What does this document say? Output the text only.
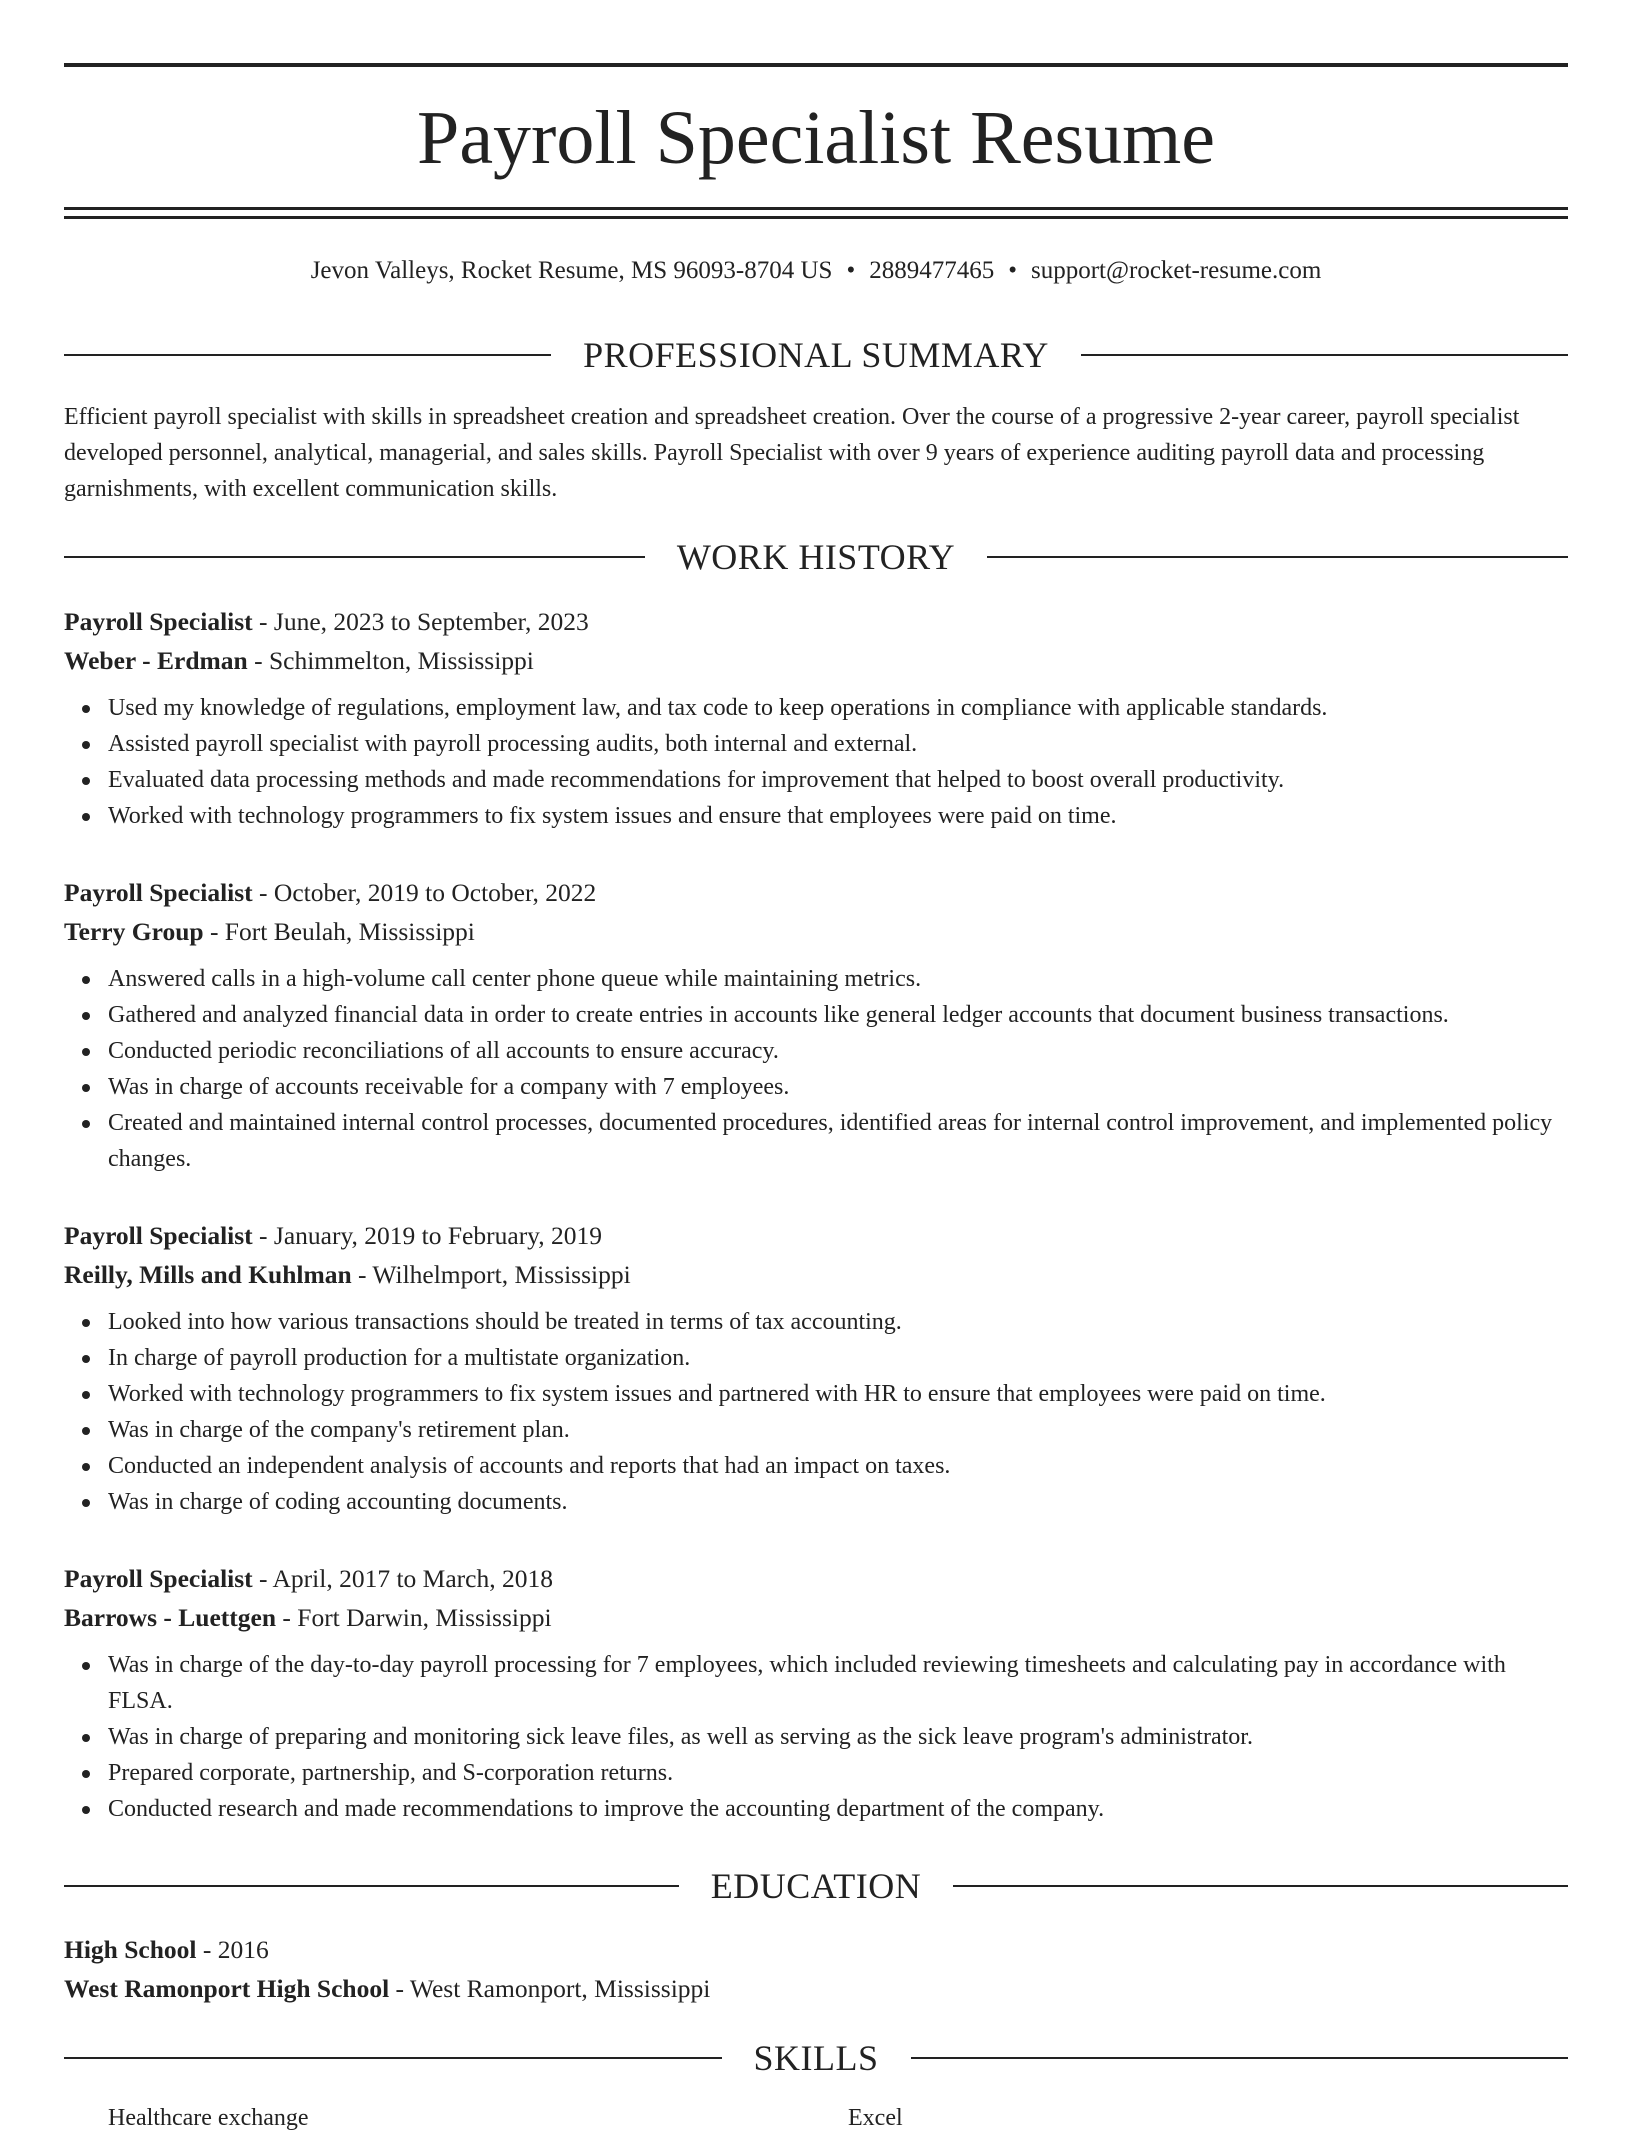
Payroll Specialist Resume
Jevon Valleys, Rocket Resume, MS 96093-8704 US • 2889477465 • support@rocket-resume.com
PROFESSIONAL SUMMARY

Efficient payroll specialist with skills in spreadsheet creation and spreadsheet creation. Over the course of a progressive 2-year career, payroll specialist developed personnel, analytical, managerial, and sales skills. Payroll Specialist with over 9 years of experience auditing payroll data and processing garnishments, with excellent communication skills.

WORK HISTORY
Payroll Specialist - June, 2023 to September, 2023
Weber - Erdman - Schimmelton, Mississippi
Used my knowledge of regulations, employment law, and tax code to keep operations in compliance with applicable standards.
Assisted payroll specialist with payroll processing audits, both internal and external.
Evaluated data processing methods and made recommendations for improvement that helped to boost overall productivity.
Worked with technology programmers to fix system issues and ensure that employees were paid on time.
Payroll Specialist - October, 2019 to October, 2022
Terry Group - Fort Beulah, Mississippi
Answered calls in a high-volume call center phone queue while maintaining metrics.
Gathered and analyzed financial data in order to create entries in accounts like general ledger accounts that document business transactions.
Conducted periodic reconciliations of all accounts to ensure accuracy.
Was in charge of accounts receivable for a company with 7 employees.
Created and maintained internal control processes, documented procedures, identified areas for internal control improvement, and implemented policy changes.
Payroll Specialist - January, 2019 to February, 2019
Reilly, Mills and Kuhlman - Wilhelmport, Mississippi
Looked into how various transactions should be treated in terms of tax accounting.
In charge of payroll production for a multistate organization.
Worked with technology programmers to fix system issues and partnered with HR to ensure that employees were paid on time.
Was in charge of the company's retirement plan.
Conducted an independent analysis of accounts and reports that had an impact on taxes.
Was in charge of coding accounting documents.
Payroll Specialist - April, 2017 to March, 2018
Barrows - Luettgen - Fort Darwin, Mississippi
Was in charge of the day-to-day payroll processing for 7 employees, which included reviewing timesheets and calculating pay in accordance with FLSA.
Was in charge of preparing and monitoring sick leave files, as well as serving as the sick leave program's administrator.
Prepared corporate, partnership, and S-corporation returns.
Conducted research and made recommendations to improve the accounting department of the company.
EDUCATION
High School - 2016
West Ramonport High School - West Ramonport, Mississippi
SKILLS
Healthcare exchange	Excel
